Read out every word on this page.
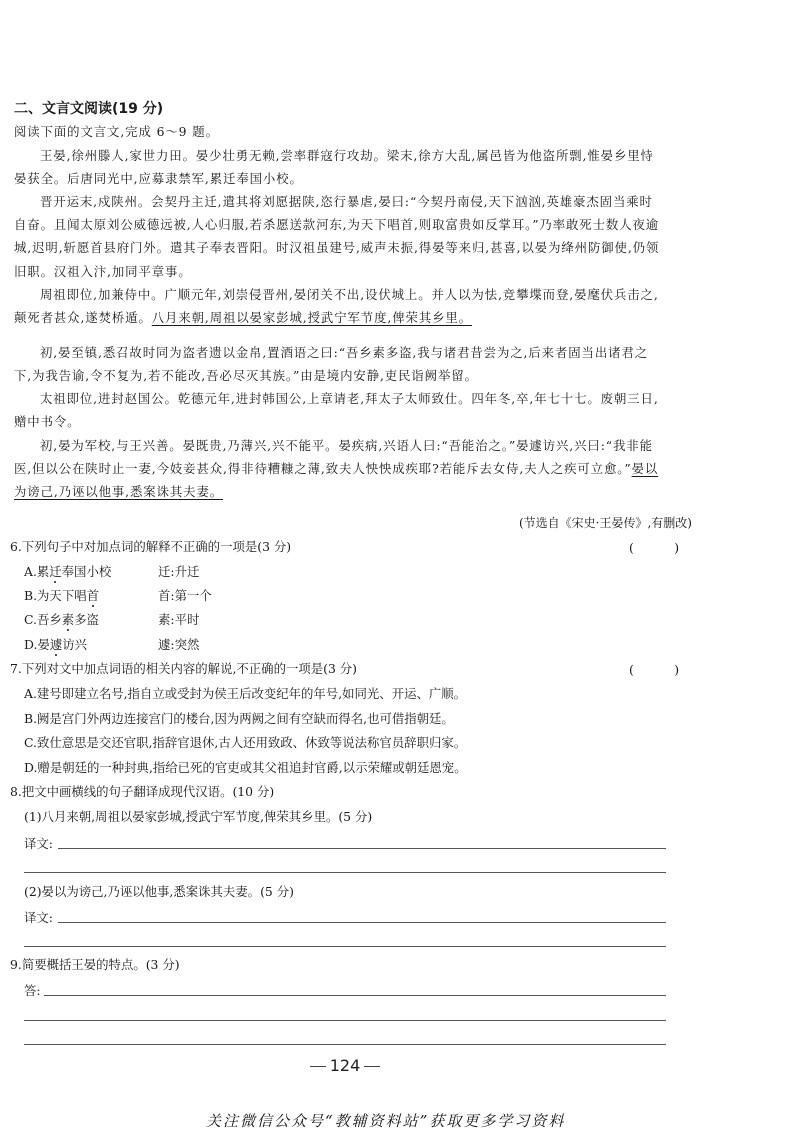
二、文言文阅读(19 分)
阅读下面的文言文,完成 6～9 题。
王晏,徐州滕人,家世力田。晏少壮勇无赖,尝率群寇行攻劫。梁末,徐方大乱,属邑皆为他盗所剽,惟晏乡里恃晏获全。后唐同光中,应募隶禁军,累迁奉国小校。
晋开运末,戍陕州。会契丹主迁,遣其将刘愿据陕,恣行暴虐,晏曰:“今契丹南侵,天下汹汹,英雄豪杰固当乘时自奋。且闻太原刘公威德远被,人心归服,若杀愿送款河东,为天下唱首,则取富贵如反掌耳。”乃率敢死士数人夜逾城,迟明,斩愿首县府门外。遣其子奉表晋阳。时汉祖虽建号,威声未振,得晏等来归,甚喜,以晏为绛州防御使,仍领旧职。汉祖入汴,加同平章事。
周祖即位,加兼侍中。广顺元年,刘崇侵晋州,晏闭关不出,设伏城上。并人以为怯,竞攀堞而登,晏麾伏兵击之,颠死者甚众,遂焚桥遁。八月来朝,周祖以晏家彭城,授武宁军节度,俾荣其乡里。
初,晏至镇,悉召故时同为盗者遗以金帛,置酒语之曰:“吾乡素多盗,我与诸君昔尝为之,后来者固当出诸君之下,为我告谕,令不复为,若不能改,吾必尽灭其族。”由是境内安静,吏民诣阙举留。
太祖即位,进封赵国公。乾德元年,进封韩国公,上章请老,拜太子太师致仕。四年冬,卒,年七十七。废朝三日,赠中书令。
初,晏为军校,与王兴善。晏既贵,乃薄兴,兴不能平。晏疾病,兴语人曰:“吾能治之。”晏遽访兴,兴曰:“我非能医,但以公在陕时止一妻,今妓妾甚众,得非待糟糠之薄,致夫人怏怏成疾耶?若能斥去女侍,夫人之疾可立愈。”晏以为谤己,乃诬以他事,悉案诛其夫妻。
(节选自《宋史·王晏传》,有删改)
6.下列句子中对加点词的解释不正确的一项是(3 分)	(　)
A.累迁奉国小校	迁:升迁
B.为天下唱首	首:第一个
C.吾乡素多盗	素:平时
D.晏遽访兴	遽:突然
7.下列对文中加点词语的相关内容的解说,不正确的一项是(3 分)	(　)
A.建号即建立名号,指自立或受封为侯王后改变纪年的年号,如同光、开运、广顺。
B.阙是宫门外两边连接宫门的楼台,因为两阙之间有空缺而得名,也可借指朝廷。
C.致仕意思是交还官职,指辞官退休,古人还用致政、休致等说法称官员辞职归家。
D.赠是朝廷的一种封典,指给已死的官吏或其父祖追封官爵,以示荣耀或朝廷恩宠。
8.把文中画横线的句子翻译成现代汉语。(10 分)
(1)八月来朝,周祖以晏家彭城,授武宁军节度,俾荣其乡里。(5 分)
译文:
(2)晏以为谤己,乃诬以他事,悉案诛其夫妻。(5 分)
译文:
9.简要概括王晏的特点。(3 分)
答:
124
关注微信公众号“教辅资料站”获取更多学习资料
